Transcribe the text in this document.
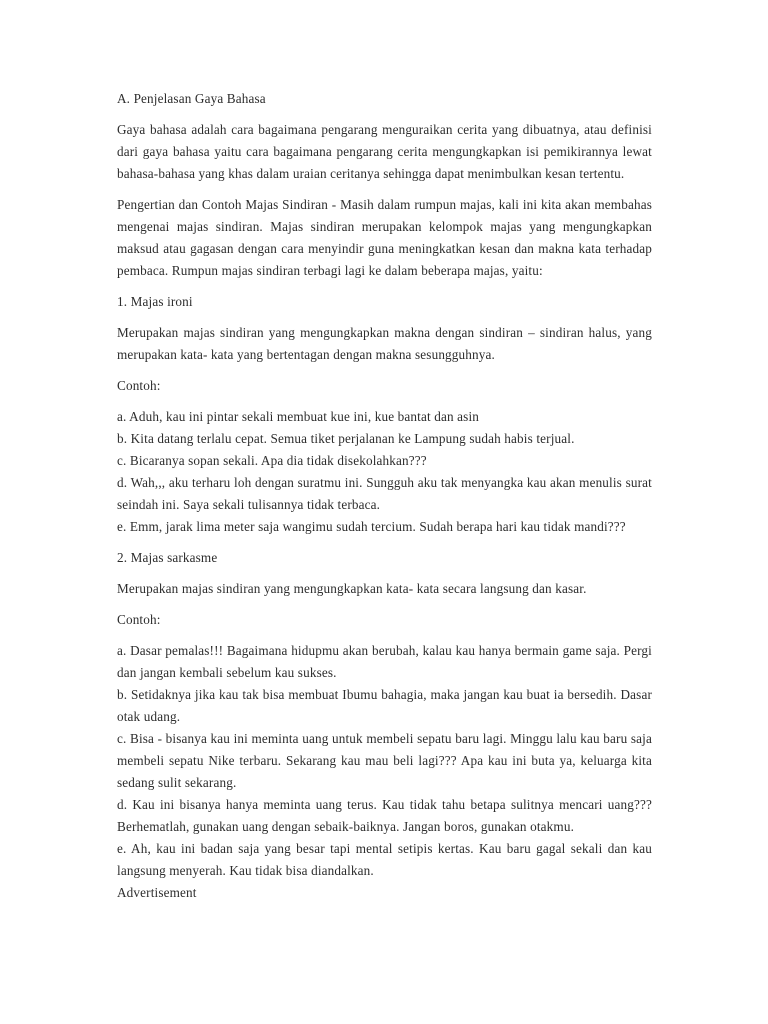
A. Penjelasan Gaya Bahasa

Gaya bahasa adalah cara bagaimana pengarang menguraikan cerita yang dibuatnya, atau definisi dari gaya bahasa yaitu cara bagaimana pengarang cerita mengungkapkan isi pemikirannya lewat bahasa-bahasa yang khas dalam uraian ceritanya sehingga dapat menimbulkan kesan tertentu.

Pengertian dan Contoh Majas Sindiran - Masih dalam rumpun majas, kali ini kita akan membahas mengenai majas sindiran. Majas sindiran merupakan kelompok majas yang mengungkapkan maksud atau gagasan dengan cara menyindir guna meningkatkan kesan dan makna kata terhadap pembaca. Rumpun majas sindiran terbagi lagi ke dalam beberapa majas, yaitu:

1. Majas ironi

Merupakan majas sindiran yang mengungkapkan makna dengan sindiran – sindiran halus, yang merupakan kata- kata yang bertentagan dengan makna sesungguhnya.

Contoh:

a. Aduh, kau ini pintar sekali membuat kue ini, kue bantat dan asin

b. Kita datang terlalu cepat. Semua tiket perjalanan ke Lampung sudah habis terjual.

c. Bicaranya sopan sekali. Apa dia tidak disekolahkan???

d. Wah,,, aku terharu loh dengan suratmu ini. Sungguh aku tak menyangka kau akan menulis surat seindah ini. Saya sekali tulisannya tidak terbaca.

e. Emm, jarak lima meter saja wangimu sudah tercium. Sudah berapa hari kau tidak mandi???

2. Majas sarkasme

Merupakan majas sindiran yang mengungkapkan kata- kata secara langsung dan kasar.

Contoh:

a. Dasar pemalas!!! Bagaimana hidupmu akan berubah, kalau kau hanya bermain game saja. Pergi dan jangan kembali sebelum kau sukses.

b. Setidaknya jika kau tak bisa membuat Ibumu bahagia, maka jangan kau buat ia bersedih. Dasar otak udang.

c. Bisa - bisanya kau ini meminta uang untuk membeli sepatu baru lagi. Minggu lalu kau baru saja membeli sepatu Nike terbaru. Sekarang kau mau beli lagi??? Apa kau ini buta ya, keluarga kita sedang sulit sekarang.

d. Kau ini bisanya hanya meminta uang terus. Kau tidak tahu betapa sulitnya mencari uang??? Berhematlah, gunakan uang dengan sebaik-baiknya. Jangan boros, gunakan otakmu.

e. Ah, kau ini badan saja yang besar tapi mental setipis kertas. Kau baru gagal sekali dan kau langsung menyerah. Kau tidak bisa diandalkan.

Advertisement
